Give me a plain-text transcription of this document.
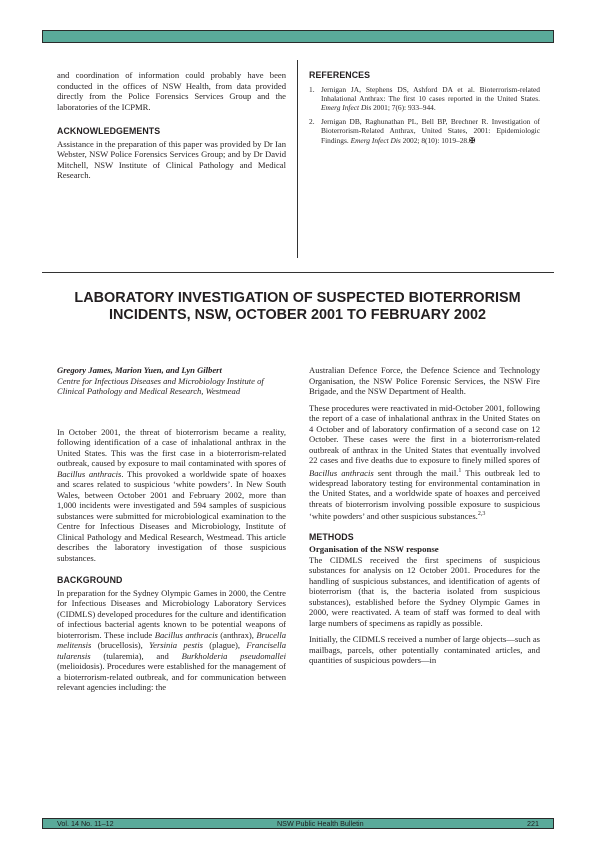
and coordination of information could probably have been conducted in the offices of NSW Health, from data provided directly from the Police Forensics Services Group and the laboratories of the ICPMR.

ACKNOWLEDGEMENTS

Assistance in the preparation of this paper was provided by Dr Ian Webster, NSW Police Forensics Services Group; and by Dr David Mitchell, NSW Institute of Clinical Pathology and Medical Research.

REFERENCES
1. Jernigan JA, Stephens DS, Ashford DA et al. Bioterrorism-related Inhalational Anthrax: The first 10 cases reported in the United States. Emerg Infect Dis 2001; 7(6): 933–944.
2. Jernigan DB, Raghunathan PL, Bell BP, Brechner R. Investigation of Bioterrorism-Related Anthrax, United States, 2001: Epidemiologic Findings. Emerg Infect Dis 2002; 8(10): 1019–28.✠
LABORATORY INVESTIGATION OF SUSPECTED BIOTERRORISM INCIDENTS, NSW, OCTOBER 2001 TO FEBRUARY 2002
Gregory James, Marion Yuen, and Lyn Gilbert
Centre for Infectious Diseases and Microbiology Institute of Clinical Pathology and Medical Research, Westmead

In October 2001, the threat of bioterrorism became a reality, following identification of a case of inhalational anthrax in the United States. This was the first case in a bioterrorism-related outbreak, caused by exposure to mail contaminated with spores of Bacillus anthracis. This provoked a worldwide spate of hoaxes and scares related to suspicious ‘white powders’. In New South Wales, between October 2001 and February 2002, more than 1,000 incidents were investigated and 594 samples of suspicious substances were submitted for microbiological examination to the Centre for Infectious Diseases and Microbiology, Institute of Clinical Pathology and Medical Research, Westmead. This article describes the laboratory investigation of those suspicious substances.

BACKGROUND

In preparation for the Sydney Olympic Games in 2000, the Centre for Infectious Diseases and Microbiology Laboratory Services (CIDMLS) developed procedures for the culture and identification of infectious bacterial agents known to be potential weapons of bioterrorism. These include Bacillus anthracis (anthrax), Brucella melitensis (brucellosis), Yersinia pestis (plague), Francisella tularensis (tularemia), and Burkholderia pseudomallei (melioidosis). Procedures were established for the management of a bioterrorism-related outbreak, and for communication between relevant agencies including: the

Australian Defence Force, the Defence Science and Technology Organisation, the NSW Police Forensic Services, the NSW Fire Brigade, and the NSW Department of Health.

These procedures were reactivated in mid-October 2001, following the report of a case of inhalational anthrax in the United States on 4 October and of laboratory confirmation of a second case on 12 October. These cases were the first in a bioterrorism-related outbreak of anthrax in the United States that eventually involved 22 cases and five deaths due to exposure to finely milled spores of Bacillus anthracis sent through the mail.$^1$ This outbreak led to widespread laboratory testing for environmental contamination in the United States, and a worldwide spate of hoaxes and perceived threats of bioterrorism involving possible exposure to suspicious ‘white powders’ and other suspicious substances.$^{2,3}$

METHODS
Organisation of the NSW response

The CIDMLS received the first specimens of suspicious substances for analysis on 12 October 2001. Procedures for the handling of suspicious substances, and identification of agents of bioterrorism (that is, the bacteria isolated from suspicious substances), established before the Sydney Olympic Games in 2000, were reactivated. A team of staff was formed to deal with large numbers of specimens as rapidly as possible.

Initially, the CIDMLS received a number of large objects—such as mailbags, parcels, other potentially contaminated articles, and quantities of suspicious powders—in

Vol. 14 No. 11–12	NSW Public Health Bulletin	221
